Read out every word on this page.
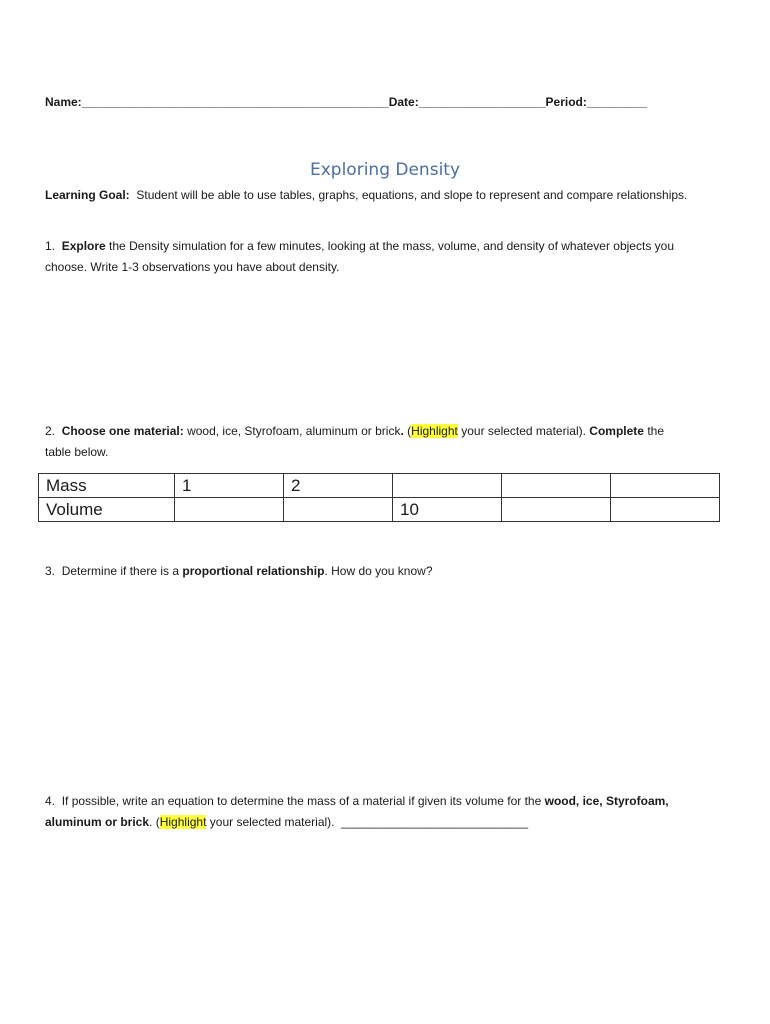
Name:______________________________________________Date:___________________Period:_________
Exploring Density
Learning Goal: Student will be able to use tables, graphs, equations, and slope to represent and compare relationships.
1. Explore the Density simulation for a few minutes, looking at the mass, volume, and density of whatever objects you
choose. Write 1-3 observations you have about density.
2. Choose one material: wood, ice, Styrofoam, aluminum or brick. (Highlight your selected material). Complete the
table below.
Mass	1	2			
Volume			10		
3. Determine if there is a proportional relationship. How do you know?
4. If possible, write an equation to determine the mass of a material if given its volume for the wood, ice, Styrofoam,
aluminum or brick. (Highlight your selected material). ____________________________
